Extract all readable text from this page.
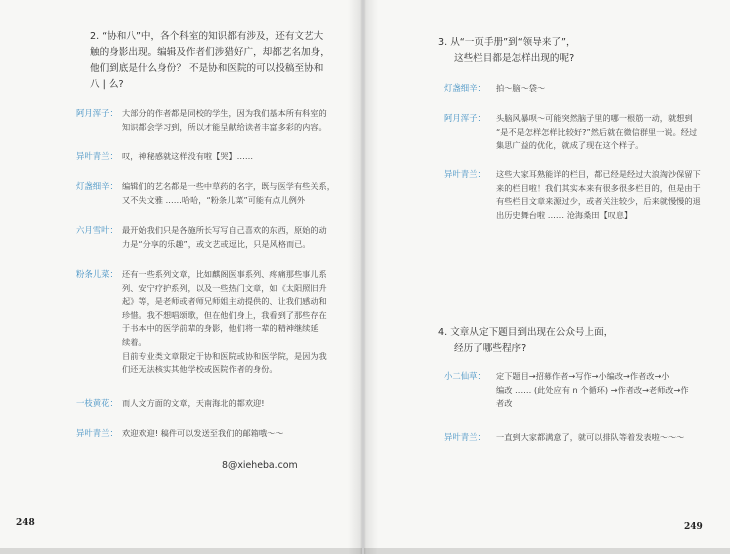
2. “协和八”中，各个科室的知识都有涉及，还有文艺大
触的身影出现。编辑及作者们涉猎好广，却都艺名加身，
他们到底是什么身份？ 不是协和医院的可以投稿至协和
八 | 么?
阿月浑子： 大部分的作者都是同校的学生，因为我们基本所有科室的
知识都会学习到，所以才能呈献给读者丰富多彩的内容。
异叶青兰： 叹，神秘感就这样没有啦【哭】……
灯盏细辛： 编辑们的艺名都是一些中草药的名字，既与医学有些关系，
又不失文雅 ……哈哈，“粉条儿菜”可能有点儿例外
六月雪叶： 最开始我们只是各施所长写写自己喜欢的东西，原始的动
力是“分享的乐趣”，或文艺或逗比，只是风格而已。
粉条儿菜： 还有一些系列文章，比如麒阁医事系列、疼痛那些事儿系
列、安宁疗护系列，以及一些热门文章，如《太阳照旧升
起》等，是老师或者师兄师姐主动提供的、让我们感动和
珍惜。我不想唱颂歌，但在他们身上，我看到了那些存在
于书本中的医学前辈的身影，他们将一辈的精神继续延
续着。
目前专业类文章限定于协和医院或协和医学院，是因为我
们还无法核实其他学校或医院作者的身份。
一枝黄花： 而人文方面的文章，天南海北的都欢迎!
异叶青兰： 欢迎欢迎! 稿件可以发送至我们的邮箱哦～～
8@xieheba.com
248
3. 从“一页手册”到“领导来了”，
这些栏目都是怎样出现的呢?
灯盏细辛： 拍～脑～袋～
阿月浑子： 头脑风暴呗～可能突然脑子里的哪一根筋一动，就想到
“是不是怎样怎样比较好?”然后就在微信群里一说。经过
集思广益的优化，就成了现在这个样子。
异叶青兰： 这些大家耳熟能详的栏目，都已经是经过大浪淘沙保留下
来的栏目啦！我们其实本来有很多很多栏目的，但是由于
有些栏目文章来源过少，或者关注较少，后来就慢慢的退
出历史舞台啦 …… 沧海桑田【叹息】
4. 文章从定下题目到出现在公众号上面，
经历了哪些程序?
小二仙草： 定下题目→招募作者→写作→小编改→作者改→小
编改 …… (此处应有 n 个循环) →作者改→老师改→作
者改
异叶青兰： 一直到大家都满意了，就可以排队等着发表啦～～～
249
